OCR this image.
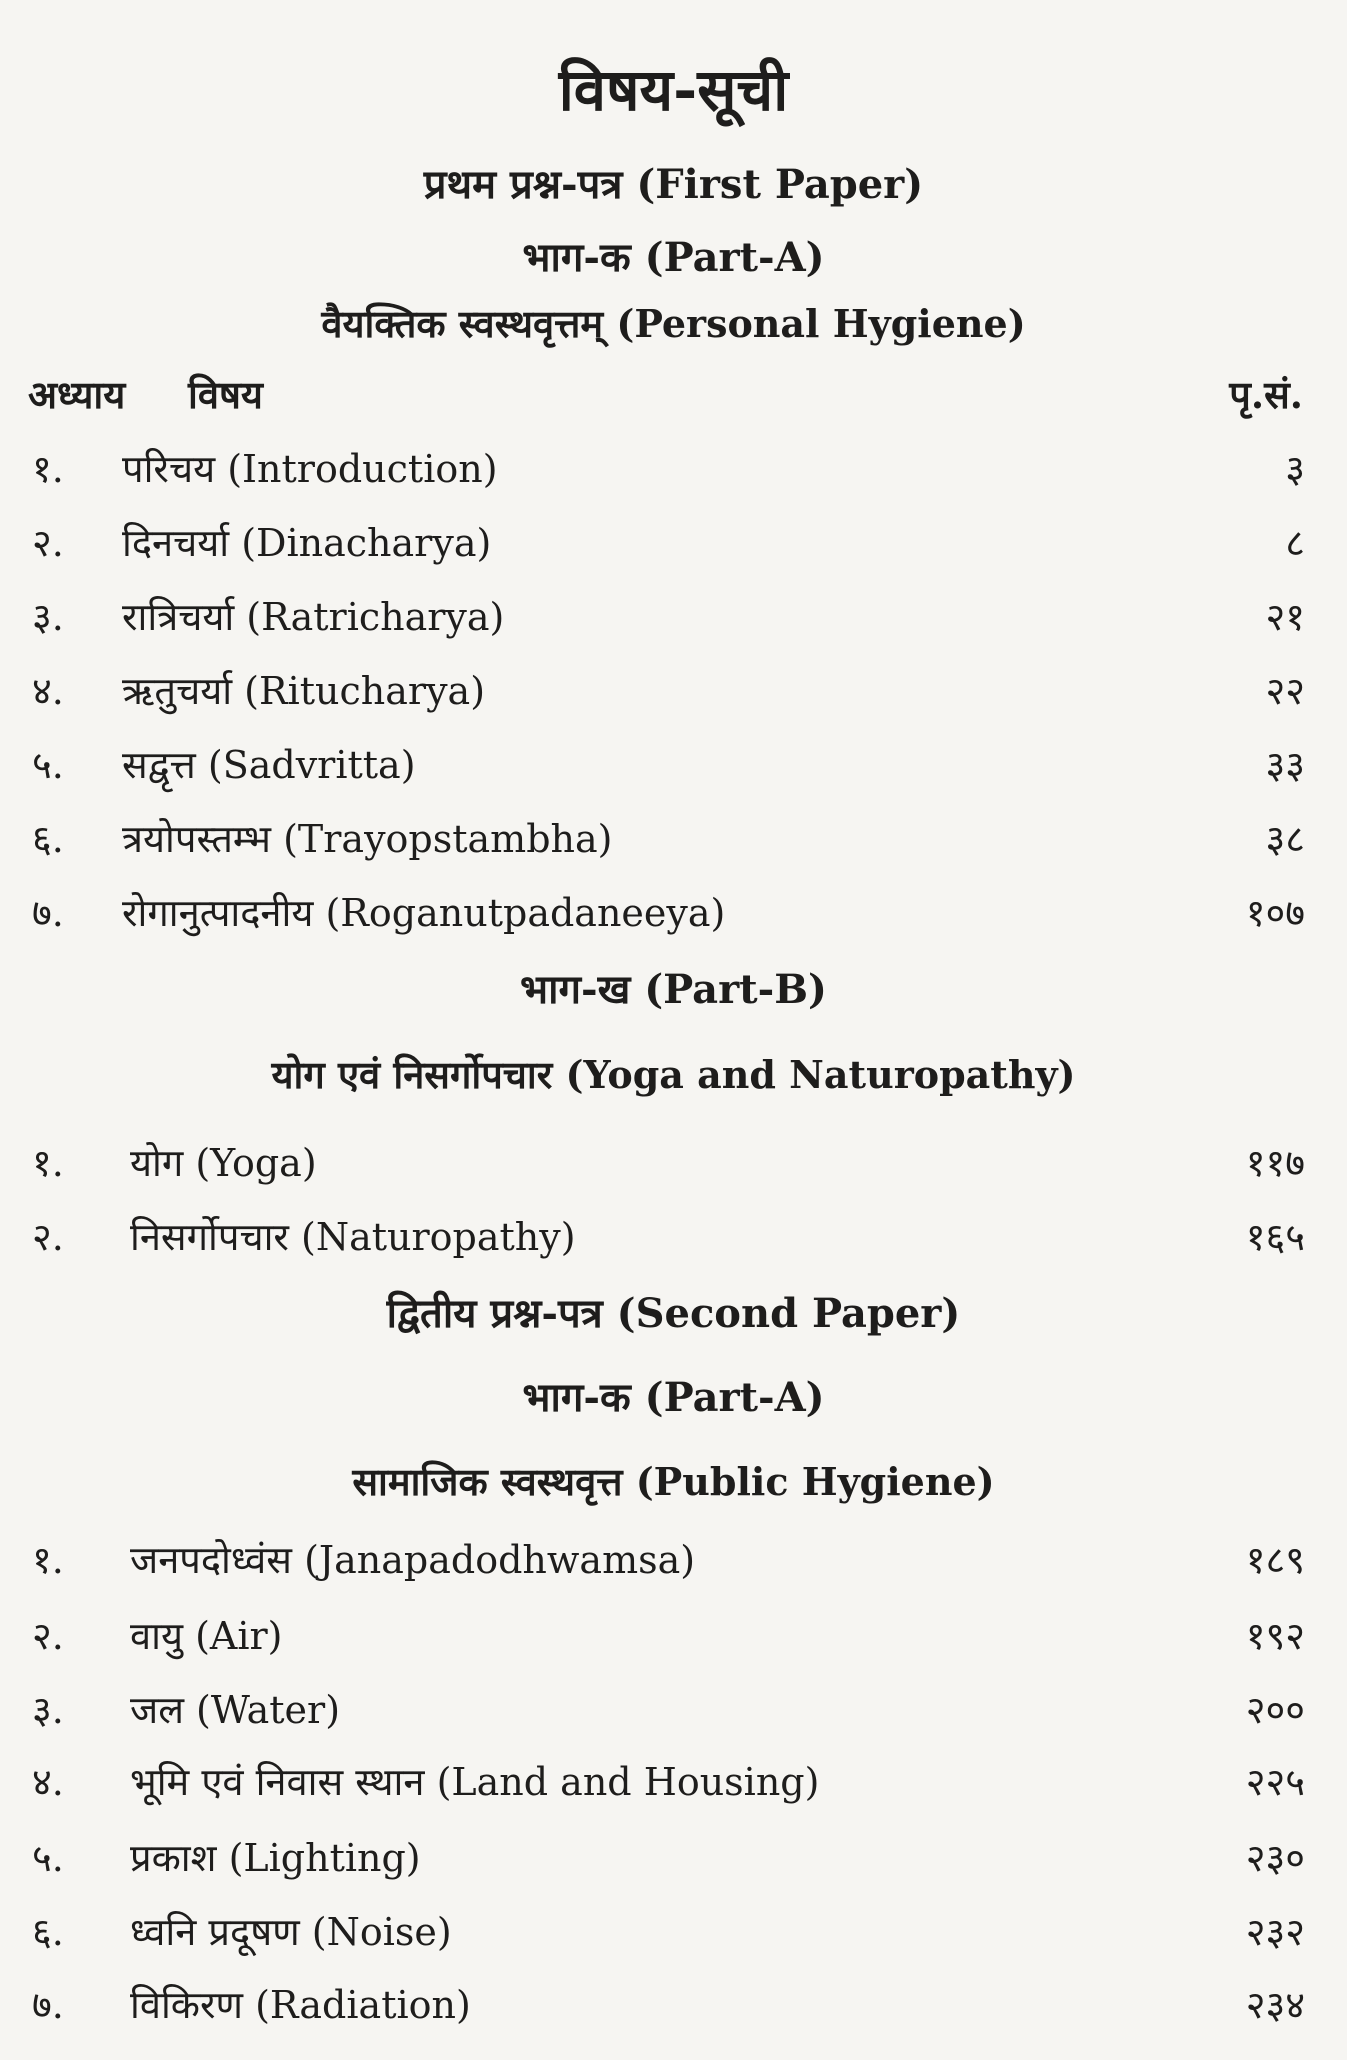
विषय-सूची
प्रथम प्रश्न-पत्र (First Paper)
भाग-क (Part-A)
वैयक्तिक स्वस्थवृत्तम् (Personal Hygiene)
अध्याय विषय	पृ.सं.
१. परिचय (Introduction)	३
२. दिनचर्या (Dinacharya)	८
३. रात्रिचर्या (Ratricharya)	२१
४. ऋतुचर्या (Ritucharya)	२२
५. सद्वृत्त (Sadvritta)	३३
६. त्रयोपस्तम्भ (Trayopstambha)	३८
७. रोगानुत्पादनीय (Roganutpadaneeya)	१०७
भाग-ख (Part-B)
योग एवं निसर्गोपचार (Yoga and Naturopathy)
१. योग (Yoga)	११७
२. निसर्गोपचार (Naturopathy)	१६५
द्वितीय प्रश्न-पत्र (Second Paper)
भाग-क (Part-A)
सामाजिक स्वस्थवृत्त (Public Hygiene)
१. जनपदोध्वंस (Janapadodhwamsa)	१८९
२. वायु (Air)	१९२
३. जल (Water)	२००
४. भूमि एवं निवास स्थान (Land and Housing)	२२५
५. प्रकाश (Lighting)	२३०
६. ध्वनि प्रदूषण (Noise)	२३२
७. विकिरण (Radiation)	२३४
